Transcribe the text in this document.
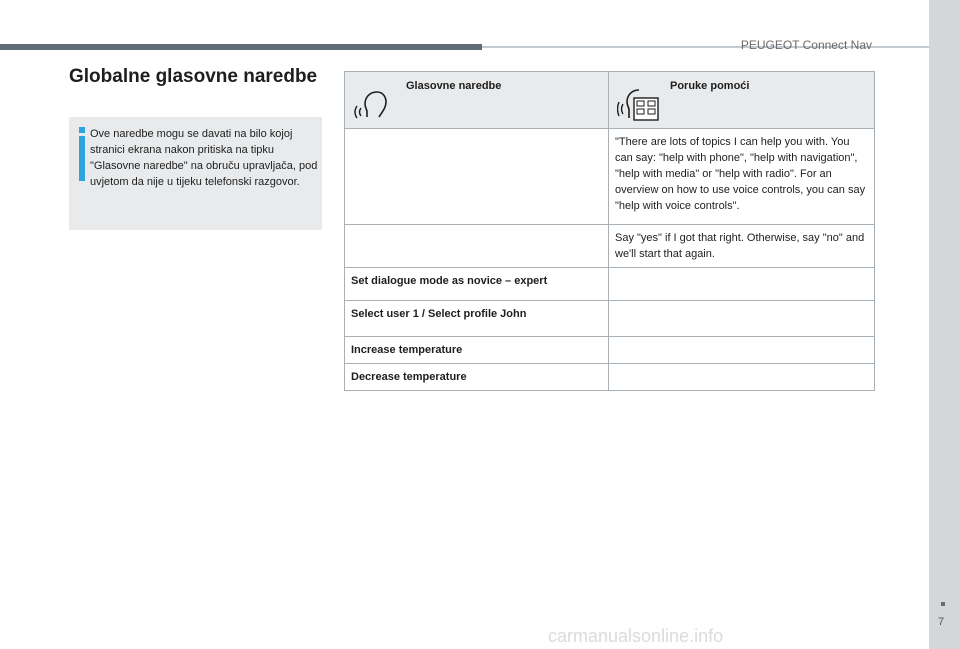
PEUGEOT Connect Nav
Globalne glasovne naredbe
Ove naredbe mogu se davati na bilo kojoj stranici ekrana nakon pritiska na tipku "Glasovne naredbe" na obruču upravljača, pod uvjetom da nije u tijeku telefonski razgovor.
Glasovne naredbe	Poruke pomoći

	"There are lots of topics I can help you with. You can say: "help with phone", "help with navigation", "help with media" or "help with radio". For an overview on how to use voice controls, you can say "help with voice controls".
	Say "yes" if I got that right. Otherwise, say "no" and we'll start that again.
Set dialogue mode as novice – expert	
Select user 1 / Select profile John	
Increase temperature	
Decrease temperature	
7
carmanualsonline.info
